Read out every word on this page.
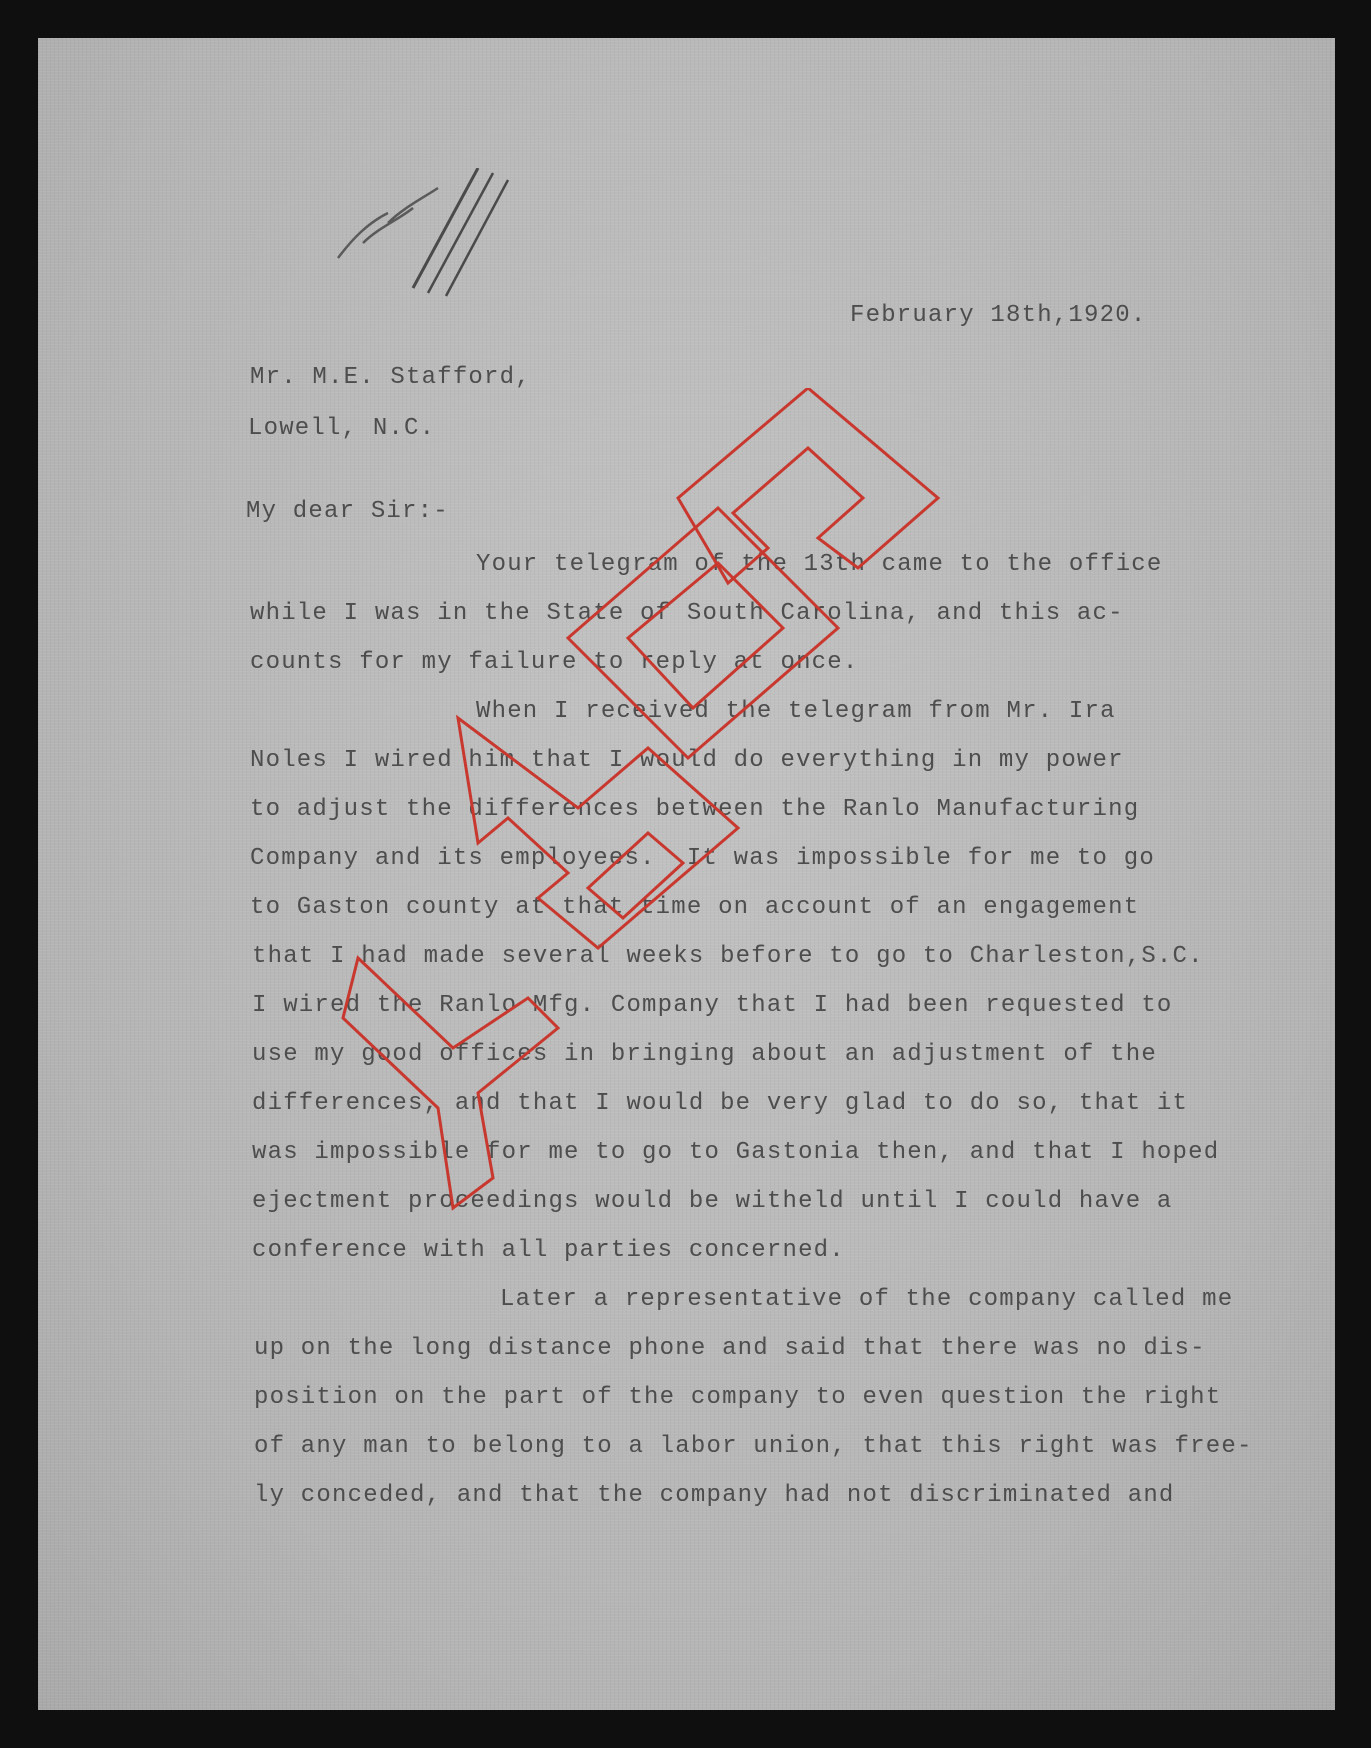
February 18th,1920.

Mr. M.E. Stafford,

Lowell, N.C.

My dear Sir:-

Your telegram of the 13th came to the office

while I was in the State of South Carolina, and this ac-

counts for my failure to reply at once.

When I received the telegram from Mr. Ira

Noles I wired him that I would do everything in my power

to adjust the differences between the Ranlo Manufacturing

Company and its employees.  It was impossible for me to go

to Gaston county at that time on account of an engagement

that I had made several weeks before to go to Charleston,S.C.

I wired the Ranlo Mfg. Company that I had been requested to

use my good offices in bringing about an adjustment of the

differences, and that I would be very glad to do so, that it

was impossible for me to go to Gastonia then, and that I hoped

ejectment proceedings would be witheld until I could have a

conference with all parties concerned.

Later a representative of the company called me

up on the long distance phone and said that there was no dis-

position on the part of the company to even question the right

of any man to belong to a labor union, that this right was free-

ly conceded, and that the company had not discriminated and
